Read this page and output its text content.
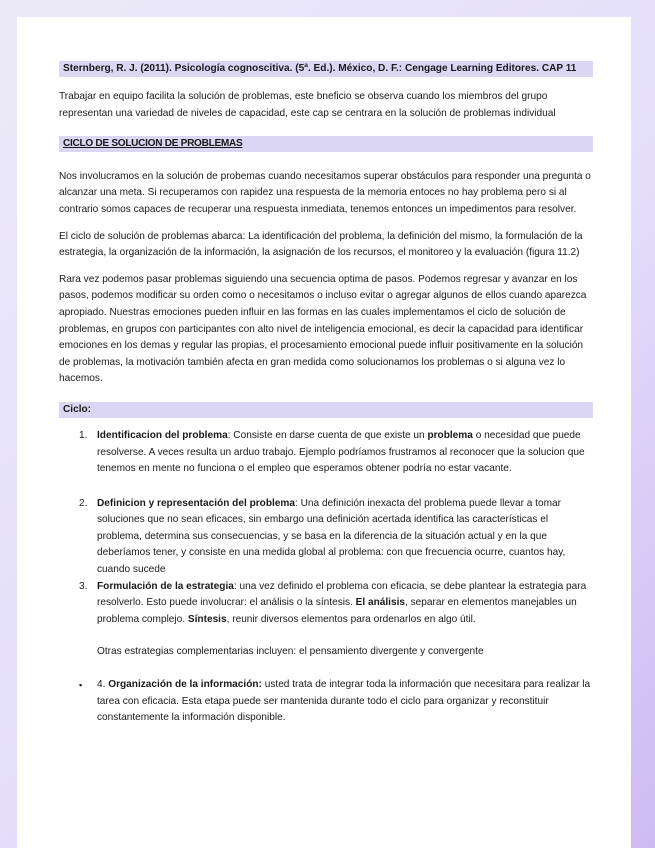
Sternberg, R. J. (2011). Psicología cognoscitiva. (5ª. Ed.). México, D. F.: Cengage Learning Editores. CAP 11

Trabajar en equipo facilita la solución de problemas, este bneficio se observa cuando los miembros del grupo representan una variedad de niveles de capacidad, este cap se centrara en la solución de problemas individual

CICLO DE SOLUCION DE PROBLEMAS

Nos involucramos en la solución de probemas cuando necesitamos superar obstáculos para responder una pregunta o alcanzar una meta. Si recuperamos con rapidez una respuesta de la memoria entoces no hay problema pero si al contrario somos capaces de recuperar una respuesta inmediata, tenemos entonces un impedimentos para resolver.

El ciclo de solución de problemas abarca: La identificación del problema, la definición del mismo, la formulación de la estrategia, la organización de la información, la asignación de los recursos, el monitoreo y la evaluación (figura 11.2)

Rara vez podemos pasar problemas siguiendo una secuencia optima de pasos. Podemos regresar y avanzar en los pasos, podemos modificar su orden como o necesitamos o incluso evitar o agregar algunos de ellos cuando aparezca apropiado. Nuestras emociones pueden influir en las formas en las cuales implementamos el ciclo de solución de problemas, en grupos con participantes con alto nivel de inteligencia emocional, es decir la capacidad para identificar emociones en los demas y regular las propias, el procesamiento emocional puede influir positivamente en la solución de problemas, la motivación también afecta en gran medida como solucionamos los problemas o si alguna vez lo hacemos.

Ciclo:
1. Identificacion del problema: Consiste en darse cuenta de que existe un problema o necesidad que puede resolverse. A veces resulta un arduo trabajo. Ejemplo podríamos frustramos al reconocer que la solucion que tenemos en mente no funciona o el empleo que esperamos obtener podría no estar vacante.
2. Definicion y representación del problema: Una definición inexacta del problema puede llevar a tomar soluciones que no sean eficaces, sin embargo una definición acertada identifica las características el problema, determina sus consecuencias, y se basa en la diferencia de la situación actual y en la que deberíamos tener, y consiste en una medida global al problema: con que frecuencia ocurre, cuantos hay, cuando sucede
3. Formulación de la estrategia: una vez definido el problema con eficacia, se debe plantear la estrategia para resolverlo. Esto puede involucrar: el análisis o la síntesis. El análisis, separar en elementos manejables un problema complejo. Síntesis, reunir diversos elementos para ordenarlos en algo útil.

Otras estrategias complementarias incluyen: el pensamiento divergente y convergente

▪ 4. Organización de la información: usted trata de integrar toda la información que necesitara para realizar la tarea con eficacia. Esta etapa puede ser mantenida durante todo el ciclo para organizar y reconstituir constantemente la información disponible.
